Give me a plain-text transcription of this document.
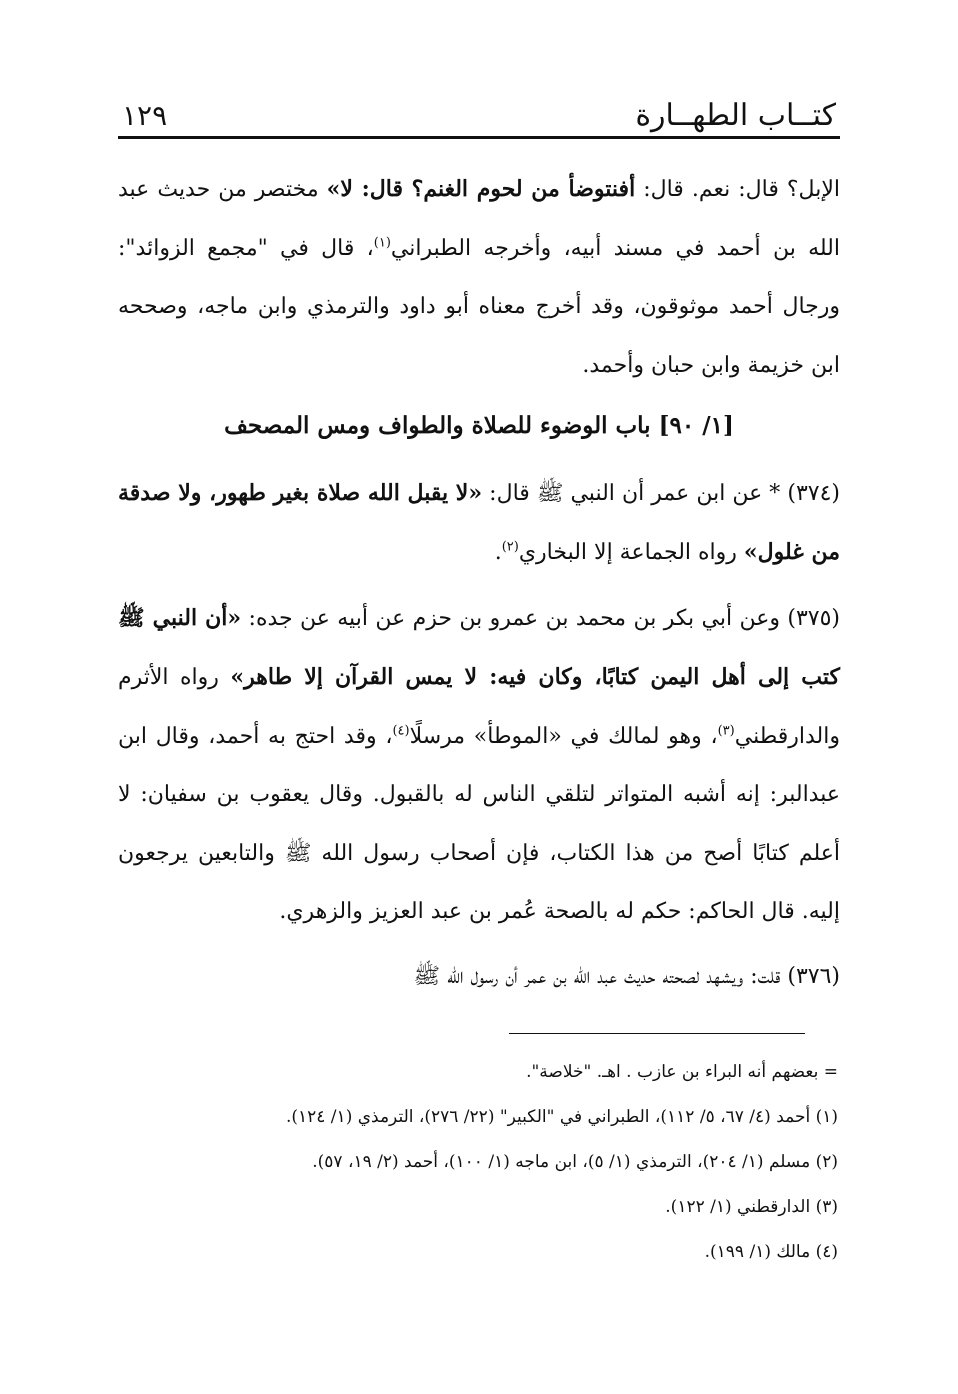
كتــاب الطهــارة
١٢٩

الإبل؟ قال: نعم. قال: أفنتوضأ من لحوم الغنم؟ قال: لا» مختصر من حديث عبد الله بن أحمد في مسند أبيه، وأخرجه الطبراني$^{(١)}$، قال في "مجمع الزوائد": ورجال أحمد موثوقون، وقد أخرج معناه أبو داود والترمذي وابن ماجه، وصححه ابن خزيمة وابن حبان وأحمد.

[١/ ٩٠] باب الوضوء للصلاة والطواف ومس المصحف

(٣٧٤) * عن ابن عمر أن النبي ﷺ قال: «لا يقبل الله صلاة بغير طهور، ولا صدقة من غلول» رواه الجماعة إلا البخاري$^{(٢)}$.

(٣٧٥) وعن أبي بكر بن محمد بن عمرو بن حزم عن أبيه عن جده: «أن النبي ﷺ كتب إلى أهل اليمن كتابًا، وكان فيه: لا يمس القرآن إلا طاهر» رواه الأثرم والدارقطني$^{(٣)}$، وهو لمالك في «الموطأ» مرسلًا$^{(٤)}$، وقد احتج به أحمد، وقال ابن عبدالبر: إنه أشبه المتواتر لتلقي الناس له بالقبول. وقال يعقوب بن سفيان: لا أعلم كتابًا أصح من هذا الكتاب، فإن أصحاب رسول الله ﷺ والتابعين يرجعون إليه. قال الحاكم: حكم له بالصحة عُمر بن عبد العزيز والزهري.

(٣٧٦) قلت: ويشهد لصحته حديث عبد الله بن عمر أن رسول الله ﷺ

= بعضهم أنه البراء بن عازب . اهـ. "خلاصة".
(١) أحمد (٤/ ٦٧، ٥/ ١١٢)، الطبراني في "الكبير" (٢٢/ ٢٧٦)، الترمذي (١/ ١٢٤).
(٢) مسلم (١/ ٢٠٤)، الترمذي (١/ ٥)، ابن ماجه (١/ ١٠٠)، أحمد (٢/ ١٩، ٥٧).
(٣) الدارقطني (١/ ١٢٢).
(٤) مالك (١/ ١٩٩).
